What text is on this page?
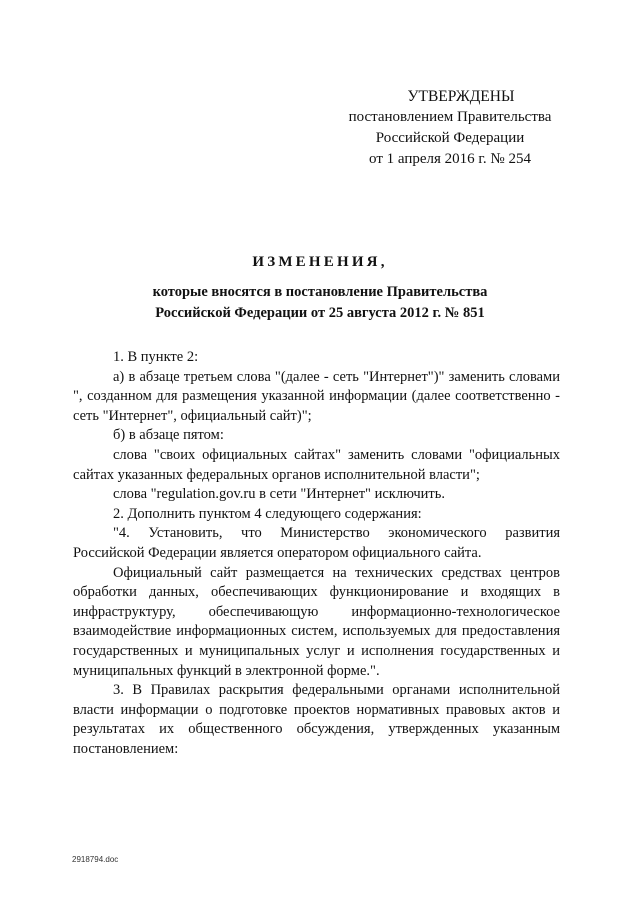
УТВЕРЖДЕНЫ
постановлением Правительства
Российской Федерации
от 1 апреля 2016 г. № 254
ИЗМЕНЕНИЯ,
которые вносятся в постановление Правительства
Российской Федерации от 25 августа 2012 г. № 851

1. В пункте 2:

а) в абзаце третьем слова "(далее - сеть "Интернет")" заменить словами ", созданном для размещения указанной информации (далее соответственно - сеть "Интернет", официальный сайт)";

б) в абзаце пятом:

слова "своих официальных сайтах" заменить словами "официальных сайтах указанных федеральных органов исполнительной власти";

слова "regulation.gov.ru в сети "Интернет" исключить.

2. Дополнить пунктом 4 следующего содержания:

"4. Установить, что Министерство экономического развития Российской Федерации является оператором официального сайта.

Официальный сайт размещается на технических средствах центров обработки данных, обеспечивающих функционирование и входящих в инфраструктуру, обеспечивающую информационно-технологическое взаимодействие информационных систем, используемых для предоставления государственных и муниципальных услуг и исполнения государственных и муниципальных функций в электронной форме.".

3. В Правилах раскрытия федеральными органами исполнительной власти информации о подготовке проектов нормативных правовых актов и результатах их общественного обсуждения, утвержденных указанным постановлением:

2918794.doc
